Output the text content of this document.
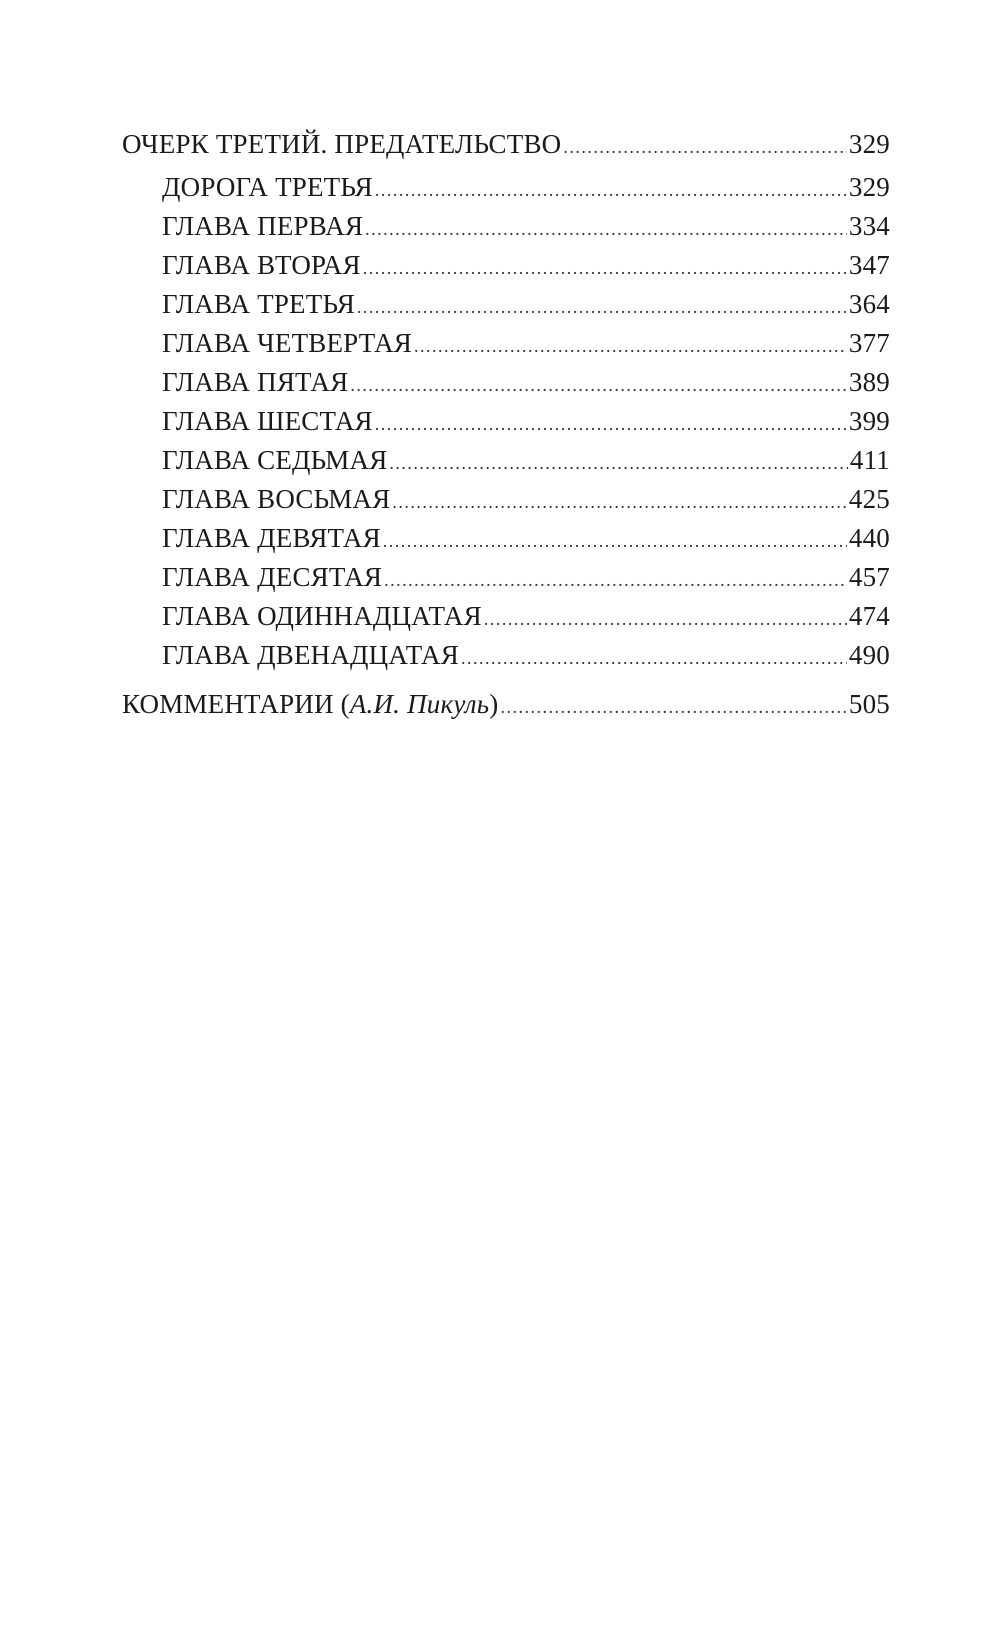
ОЧЕРК ТРЕТИЙ. ПРЕДАТЕЛЬСТВО .....	329
ДОРОГА ТРЕТЬЯ .....	329
ГЛАВА ПЕРВАЯ .....	334
ГЛАВА ВТОРАЯ .....	347
ГЛАВА ТРЕТЬЯ .....	364
ГЛАВА ЧЕТВЕРТАЯ .....	377
ГЛАВА ПЯТАЯ .....	389
ГЛАВА ШЕСТАЯ .....	399
ГЛАВА СЕДЬМАЯ .....	411
ГЛАВА ВОСЬМАЯ .....	425
ГЛАВА ДЕВЯТАЯ .....	440
ГЛАВА ДЕСЯТАЯ .....	457
ГЛАВА ОДИННАДЦАТАЯ .....	474
ГЛАВА ДВЕНАДЦАТАЯ .....	490
КОММЕНТАРИИ (А.И. Пикуль) .....	505
